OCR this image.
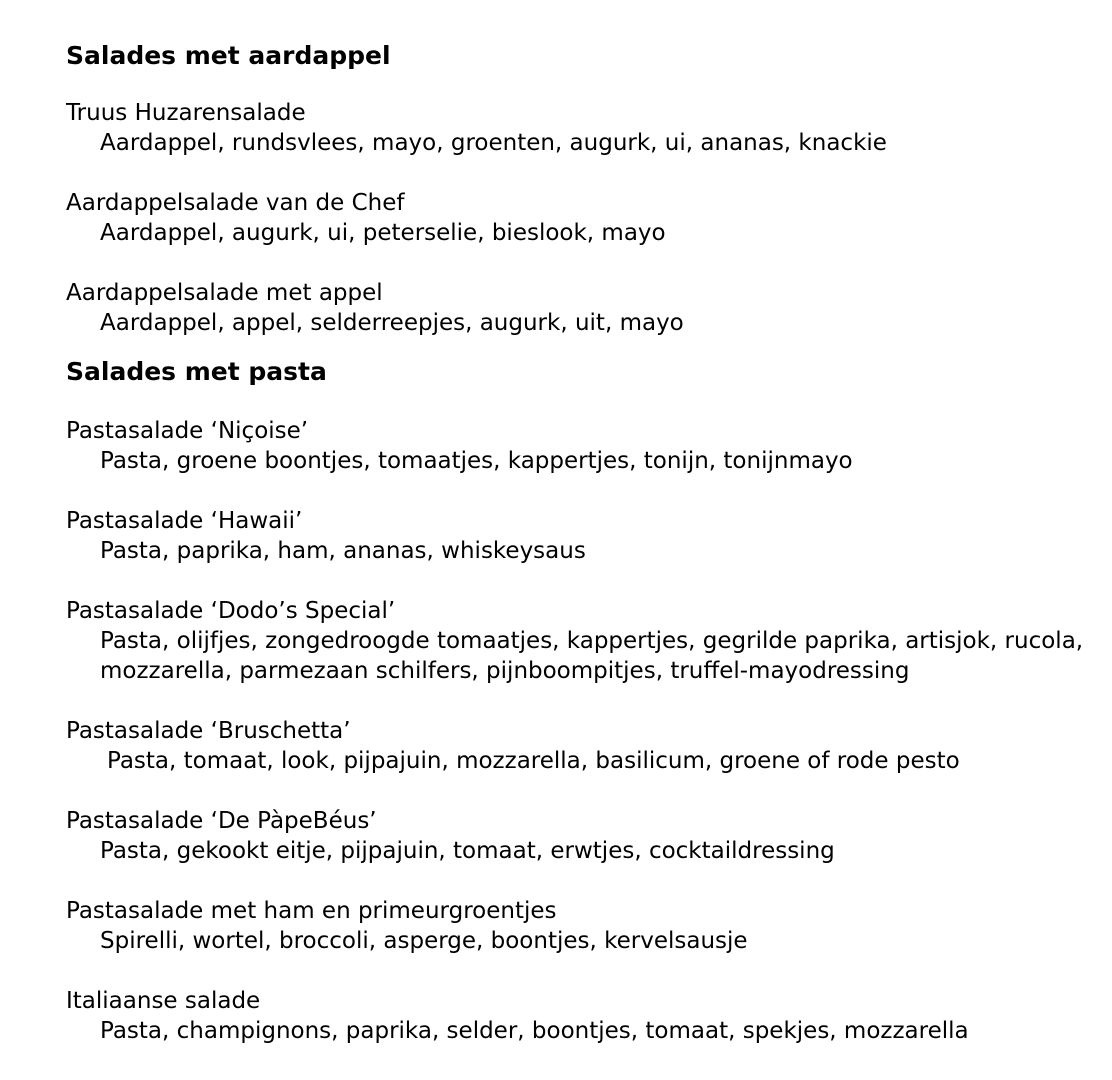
Salades met aardappel
Truus Huzarensalade
Aardappel, rundsvlees, mayo, groenten, augurk, ui, ananas, knackie
Aardappelsalade van de Chef
Aardappel, augurk, ui, peterselie, bieslook, mayo
Aardappelsalade met appel
Aardappel, appel, selderreepjes, augurk, uit, mayo
Salades met pasta
Pastasalade ‘Niçoise’
Pasta, groene boontjes, tomaatjes, kappertjes, tonijn, tonijnmayo
Pastasalade ‘Hawaii’
Pasta, paprika, ham, ananas, whiskeysaus
Pastasalade ‘Dodo’s Special’
Pasta, olijfjes, zongedroogde tomaatjes, kappertjes, gegrilde paprika, artisjok, rucola,
mozzarella, parmezaan schilfers, pijnboompitjes, truffel-mayodressing
Pastasalade ‘Bruschetta’
Pasta, tomaat, look, pijpajuin, mozzarella, basilicum, groene of rode pesto
Pastasalade ‘De PàpeBéus’
Pasta, gekookt eitje, pijpajuin, tomaat, erwtjes, cocktaildressing
Pastasalade met ham en primeurgroentjes
Spirelli, wortel, broccoli, asperge, boontjes, kervelsausje
Italiaanse salade
Pasta, champignons, paprika, selder, boontjes, tomaat, spekjes, mozzarella
